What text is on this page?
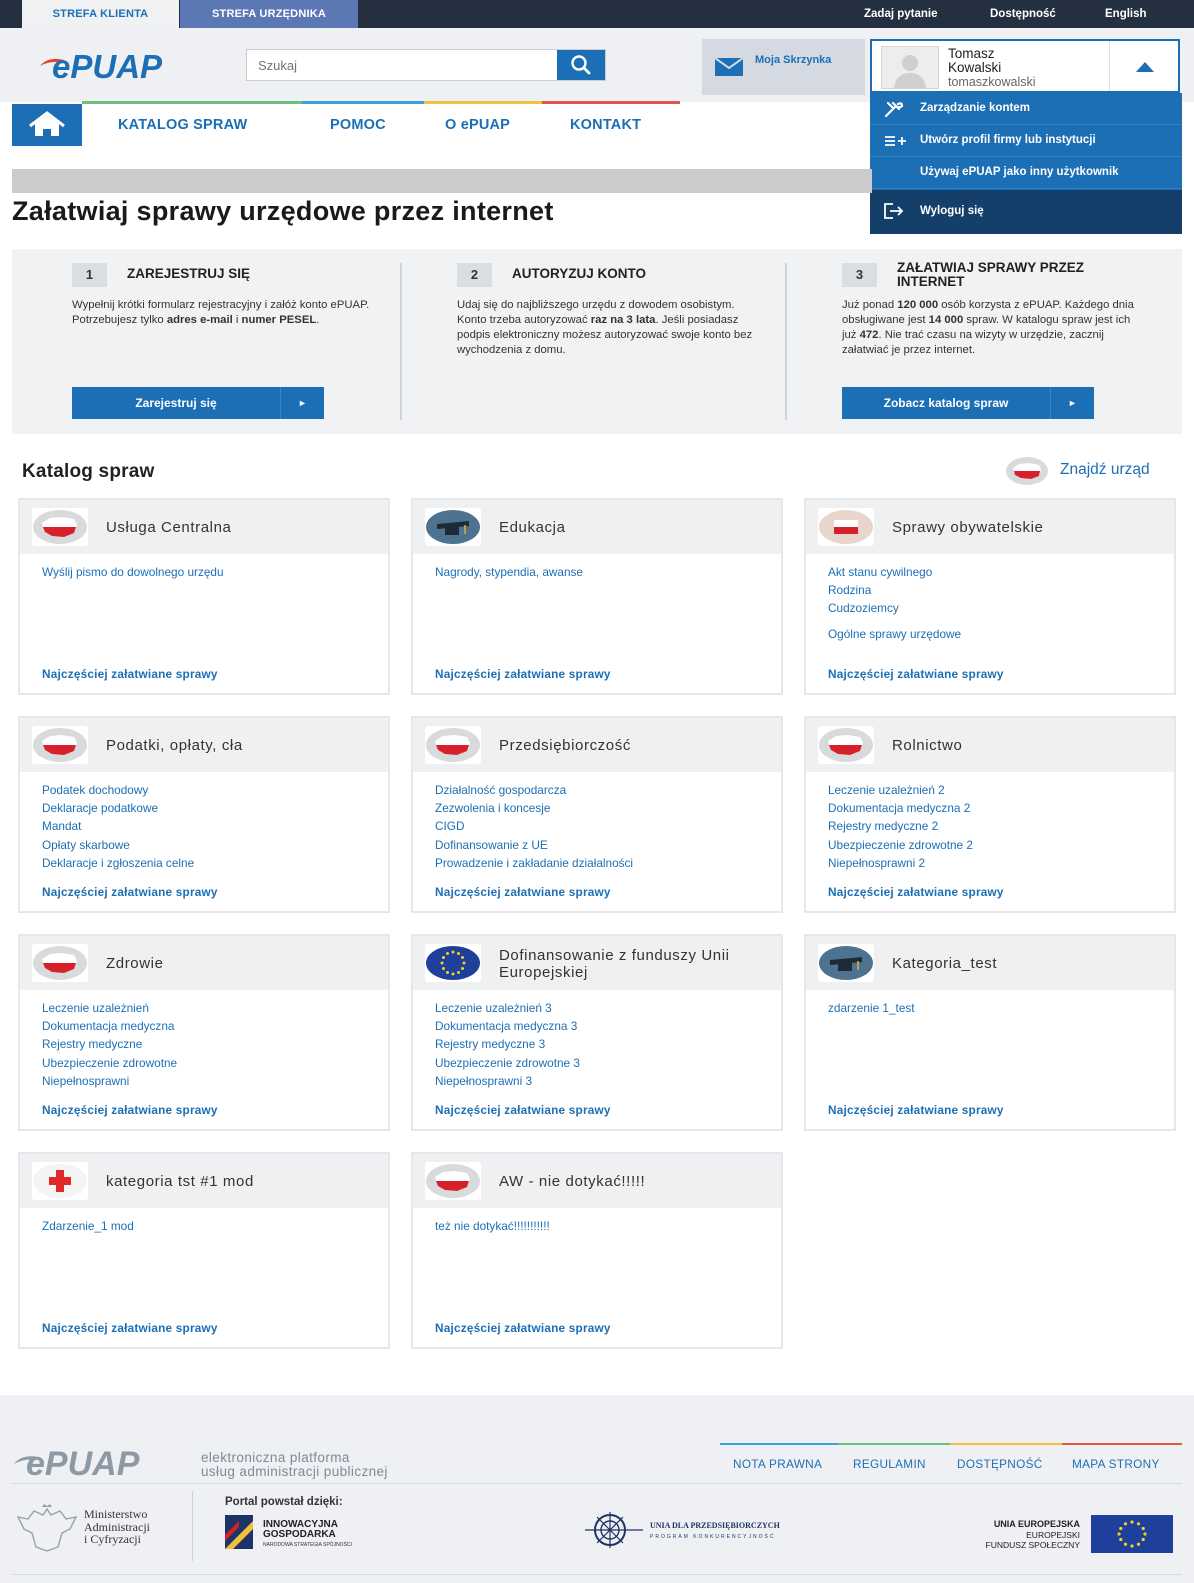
STREFA KLIENTA	STREFA URZĘDNIKA	Zadaj pytanie	Dostępność	English
ePUAP
Szukaj	Moja Skrzynka	Tomasz Kowalski
tomaszkowalski
Zarządzanie kontem
Utwórz profil firmy lub instytucji
Używaj ePUAP jako inny użytkownik
Wyloguj się
KATALOG SPRAW	POMOC	O ePUAP	KONTAKT
Załatwiaj sprawy urzędowe przez internet
1	ZAREJESTRUJ SIĘ
Wypełnij krótki formularz rejestracyjny i załóż konto ePUAP. Potrzebujesz tylko adres e-mail i numer PESEL.
Zarejestruj się	►
2	AUTORYZUJ KONTO
Udaj się do najbliższego urzędu z dowodem osobistym. Konto trzeba autoryzować raz na 3 lata. Jeśli posiadasz podpis elektroniczny możesz autoryzować swoje konto bez wychodzenia z domu.
3	ZAŁATWIAJ SPRAWY PRZEZ INTERNET
Już ponad 120 000 osób korzysta z ePUAP. Każdego dnia obsługiwane jest 14 000 spraw. W katalogu spraw jest ich już 472. Nie trać czasu na wizyty w urzędzie, zacznij załatwiać je przez internet.
Zobacz katalog spraw	►
Katalog spraw	Znajdź urząd
Usługa Centralna
Wyślij pismo do dowolnego urzędu
Najczęściej załatwiane sprawy
Edukacja
Nagrody, stypendia, awanse
Najczęściej załatwiane sprawy
Sprawy obywatelskie
Akt stanu cywilnego
Rodzina
Cudzoziemcy
Ogólne sprawy urzędowe
Najczęściej załatwiane sprawy
Podatki, opłaty, cła
Podatek dochodowy
Deklaracje podatkowe
Mandat
Opłaty skarbowe
Deklaracje i zgłoszenia celne
Najczęściej załatwiane sprawy
Przedsiębiorczość
Działalność gospodarcza
Zezwolenia i koncesje
CIGD
Dofinansowanie z UE
Prowadzenie i zakładanie działalności
Najczęściej załatwiane sprawy
Rolnictwo
Leczenie uzależnień 2
Dokumentacja medyczna 2
Rejestry medyczne 2
Ubezpieczenie zdrowotne 2
Niepełnosprawni 2
Najczęściej załatwiane sprawy
Zdrowie
Leczenie uzależnień
Dokumentacja medyczna
Rejestry medyczne
Ubezpieczenie zdrowotne
Niepełnosprawni
Najczęściej załatwiane sprawy
Dofinansowanie z funduszy Unii Europejskiej
Leczenie uzależnień 3
Dokumentacja medyczna 3
Rejestry medyczne 3
Ubezpieczenie zdrowotne 3
Niepełnosprawni 3
Najczęściej załatwiane sprawy
Kategoria_test
zdarzenie 1_test
Najczęściej załatwiane sprawy
kategoria tst #1 mod
Zdarzenie_1 mod
Najczęściej załatwiane sprawy
AW - nie dotykać!!!!!
też nie dotykać!!!!!!!!!!!
Najczęściej załatwiane sprawy
ePUAP	elektroniczna platforma
usług administracji publicznej	NOTA PRAWNA	REGULAMIN	DOSTĘPNOŚĆ MAPA STRONY
Ministerstwo
Administracji
i Cyfryzacji
Portal powstał dzięki:
INNOWACYJNA
GOSPODARKA
NARODOWA STRATEGIA SPÓJNOŚCI
UNIA DLA PRZEDSIĘBIORCZYCH
PROGRAM KONKURENCYJNOŚĆ
UNIA EUROPEJSKA
EUROPEJSKI
FUNDUSZ SPOŁECZNY
